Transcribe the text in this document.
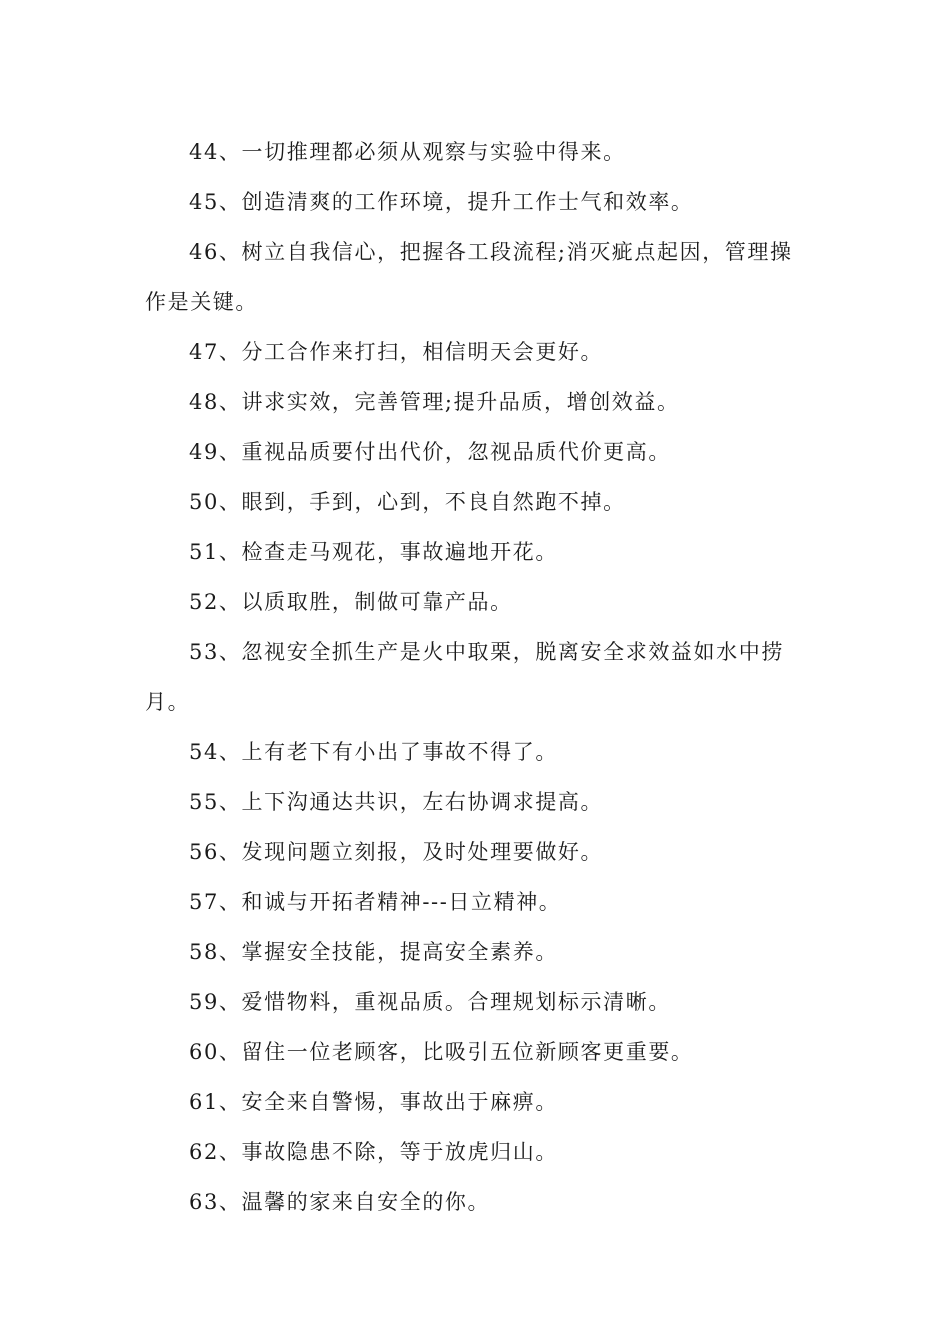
44、一切推理都必须从观察与实验中得来。

45、创造清爽的工作环境，提升工作士气和效率。

46、树立自我信心，把握各工段流程;消灭疵点起因，管理操作是关键。

47、分工合作来打扫，相信明天会更好。

48、讲求实效，完善管理;提升品质，增创效益。

49、重视品质要付出代价，忽视品质代价更高。

50、眼到，手到，心到，不良自然跑不掉。

51、检查走马观花，事故遍地开花。

52、以质取胜，制做可靠产品。

53、忽视安全抓生产是火中取栗，脱离安全求效益如水中捞月。

54、上有老下有小出了事故不得了。

55、上下沟通达共识，左右协调求提高。

56、发现问题立刻报，及时处理要做好。

57、和诚与开拓者精神---日立精神。

58、掌握安全技能，提高安全素养。

59、爱惜物料，重视品质。合理规划标示清晰。

60、留住一位老顾客，比吸引五位新顾客更重要。

61、安全来自警惕，事故出于麻痹。

62、事故隐患不除，等于放虎归山。

63、温馨的家来自安全的你。
